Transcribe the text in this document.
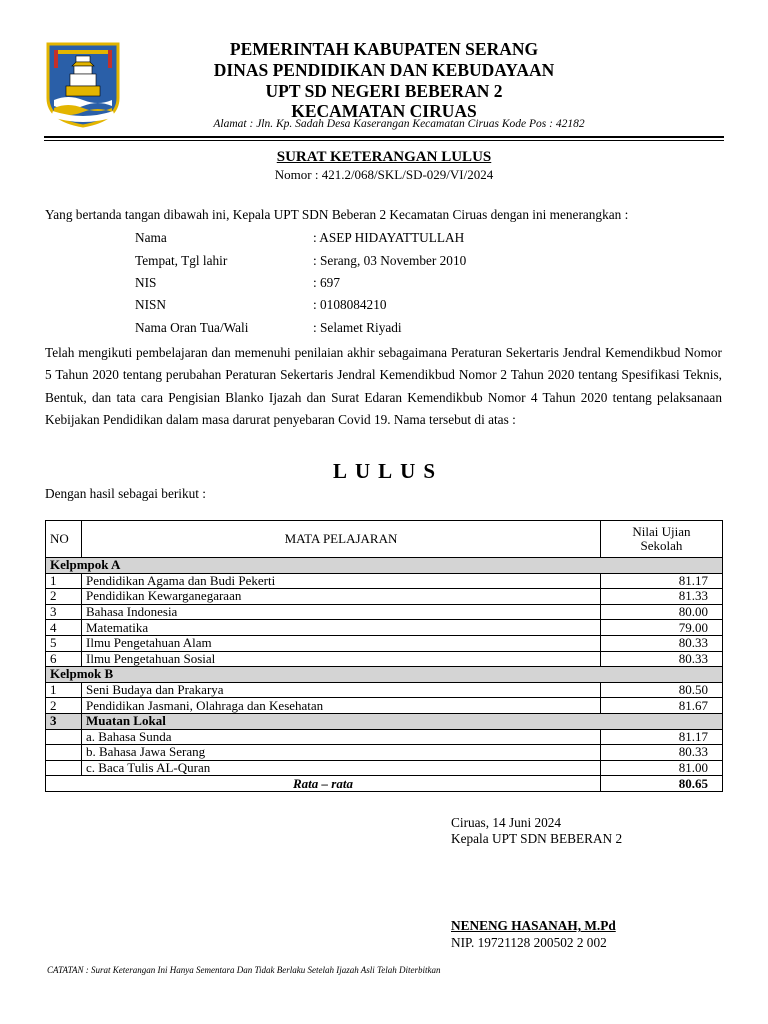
PEMERINTAH KABUPATEN SERANG
DINAS PENDIDIKAN DAN KEBUDAYAAN
UPT SD NEGERI BEBERAN 2
KECAMATAN CIRUAS
Alamat : Jln. Kp. Sadah Desa Kaserangan Kecamatan Ciruas Kode Pos : 42182
SURAT KETERANGAN LULUS
Nomor : 421.2/068/SKL/SD-029/VI/2024
Yang bertanda tangan dibawah ini, Kepala UPT SDN Beberan 2 Kecamatan Ciruas dengan ini menerangkan :
Nama	: ASEP HIDAYATTULLAH
Tempat, Tgl lahir	: Serang, 03 November 2010
NIS	: 697
NISN	: 0108084210
Nama Oran Tua/Wali	: Selamet Riyadi
Telah mengikuti pembelajaran dan memenuhi penilaian akhir sebagaimana Peraturan Sekertaris Jendral Kemendikbud Nomor 5 Tahun 2020 tentang perubahan Peraturan Sekertaris Jendral Kemendikbud Nomor 2 Tahun 2020 tentang Spesifikasi Teknis, Bentuk, dan tata cara Pengisian Blanko Ijazah dan Surat Edaran Kemendikbub Nomor 4 Tahun 2020 tentang pelaksanaan Kebijakan Pendidikan dalam masa darurat penyebaran Covid 19. Nama tersebut di atas :
LULUS
Dengan hasil sebagai berikut :
NO	MATA PELAJARAN	Nilai Ujian
Sekolah
Kelpmpok A		
1	Pendidikan Agama dan Budi Pekerti	81.17
2	Pendidikan Kewarganegaraan	81.33
3	Bahasa Indonesia	80.00
4	Matematika	79.00
5	Ilmu Pengetahuan Alam	80.33
6	Ilmu Pengetahuan Sosial	80.33
Kelpmok B		
1	Seni Budaya dan Prakarya	80.50
2	Pendidikan Jasmani, Olahraga dan Kesehatan	81.67
3	Muatan Lokal	
	a. Bahasa Sunda	81.17
	b. Bahasa Jawa Serang	80.33
	c. Baca Tulis AL-Quran	81.00
Rata – rata		80.65
Ciruas, 14 Juni 2024
Kepala UPT SDN BEBERAN 2
NENENG HASANAH, M.Pd
NIP. 19721128 200502 2 002
CATATAN : Surat Keterangan Ini Hanya Sementara Dan Tidak Berlaku Setelah Ijazah Asli Telah Diterbitkan
